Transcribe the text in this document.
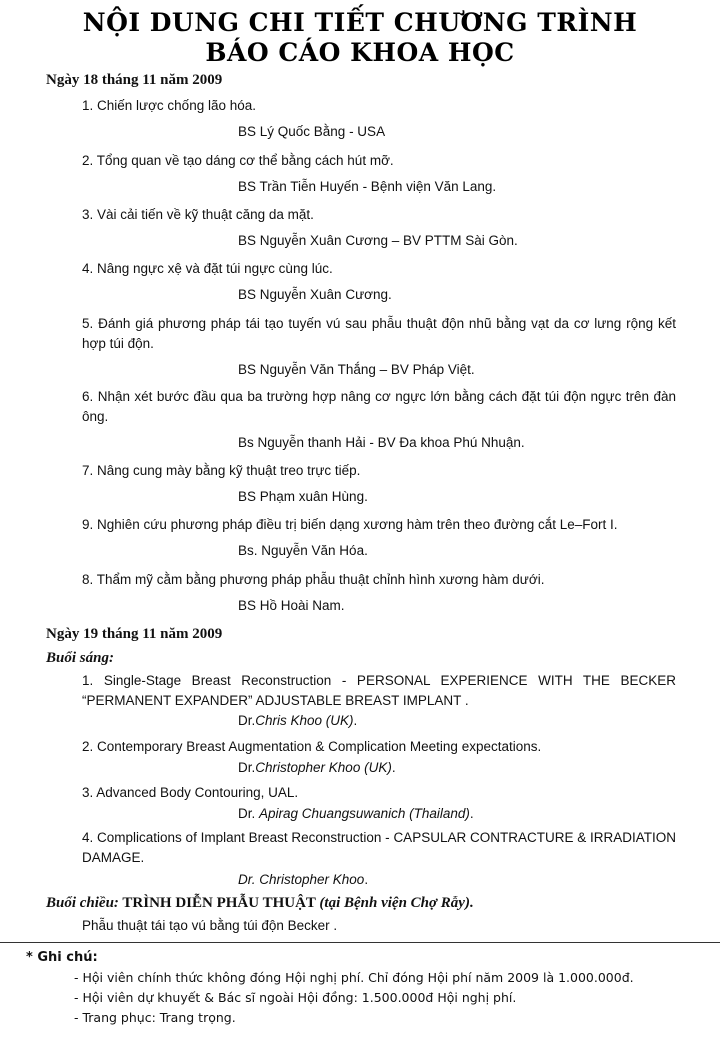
NỘI DUNG CHI TIẾT CHƯƠNG TRÌNH
BÁO CÁO KHOA HỌC
Ngày 18 tháng 11 năm 2009
1. Chiến lược chống lão hóa.
BS Lý Quốc Bằng - USA
2. Tổng quan về tạo dáng cơ thể bằng cách hút mỡ.
BS Trần Tiễn Huyến - Bệnh viện Văn Lang.
3. Vài cải tiến về kỹ thuật căng da mặt.
BS Nguyễn Xuân Cương – BV PTTM Sài Gòn.
4. Nâng ngực xệ và đặt túi ngực cùng lúc.
BS Nguyễn Xuân Cương.
5. Đánh giá phương pháp tái tạo tuyến vú sau phẫu thuật độn nhũ bằng vạt da cơ lưng rộng kết hợp túi độn.
BS Nguyễn Văn Thắng – BV Pháp Việt.
6. Nhận xét bước đầu qua ba trường hợp nâng cơ ngực lớn bằng cách đặt túi độn ngực trên đàn ông.
Bs Nguyễn thanh Hải - BV Đa khoa Phú Nhuận.
7. Nâng cung mày bằng kỹ thuật treo trực tiếp.
BS Phạm xuân Hùng.
9. Nghiên cứu phương pháp điều trị biến dạng xương hàm trên theo đường cắt Le–Fort I.
Bs. Nguyễn Văn Hóa.
8. Thẩm mỹ cằm bằng phương pháp phẫu thuật chỉnh hình xương hàm dưới.
BS Hồ Hoài Nam.
Ngày 19 tháng 11 năm 2009
Buổi sáng:
1. Single-Stage Breast Reconstruction - PERSONAL EXPERIENCE WITH THE BECKER “PERMANENT EXPANDER” ADJUSTABLE BREAST IMPLANT .
Dr.Chris Khoo (UK).
2. Contemporary Breast Augmentation & Complication Meeting expectations.
Dr.Christopher Khoo (UK).
3. Advanced Body Contouring, UAL.
Dr. Apirag Chuangsuwanich (Thailand).
4. Complications of Implant Breast Reconstruction - CAPSULAR CONTRACTURE & IRRADIATION DAMAGE.
Dr. Christopher Khoo.
Buổi chiều: TRÌNH DIỄN PHẪU THUẬT (tại Bệnh viện Chợ Rẫy).
Phẫu thuật tái tạo vú bằng túi độn Becker .
* Ghi chú:
- Hội viên chính thức không đóng Hội nghị phí. Chỉ đóng Hội phí năm 2009 là 1.000.000đ.
- Hội viên dự khuyết & Bác sĩ ngoài Hội đồng: 1.500.000đ Hội nghị phí.
- Trang phục: Trang trọng.
